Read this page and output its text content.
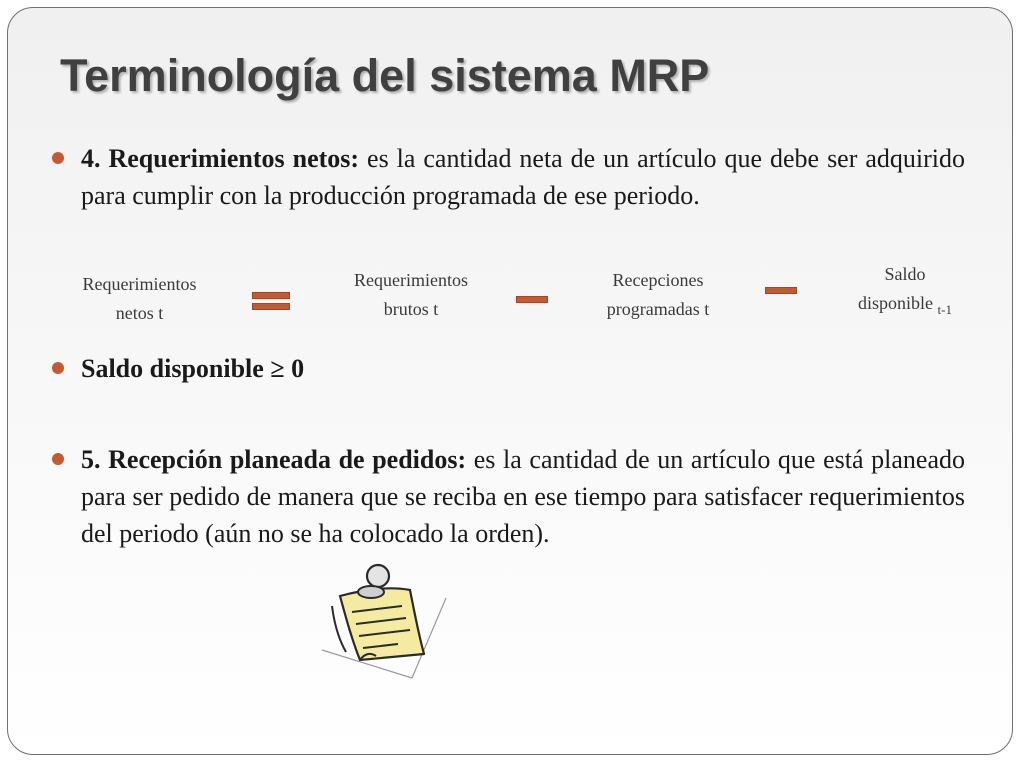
Terminología del sistema MRP
4. Requerimientos netos: es la cantidad neta de un artículo que debe ser adquirido para cumplir con la producción programada de ese periodo.
Requerimientos
netos t
Requerimientos
brutos t
Recepciones
programadas t
Saldo
disponible $_{t-1}$
Saldo disponible ≥ 0
5. Recepción planeada de pedidos: es la cantidad de un artículo que está planeado para ser pedido de manera que se reciba en ese tiempo para satisfacer requerimientos del periodo (aún no se ha colocado la orden).
